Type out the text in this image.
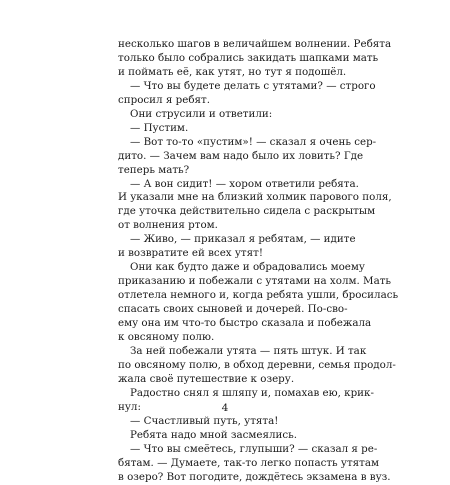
несколько шагов в величайшем волнении. Ребята
только было собрались закидать шапками мать
и поймать её, как утят, но тут я подошёл.

— Что вы будете делать с утятами? — строго
спросил я ребят.

Они струсили и ответили:

— Пустим.

— Вот то-то «пустим»! — сказал я очень сер-
дито. — Зачем вам надо было их ловить? Где
теперь мать?

— А вон сидит! — хором ответили ребята.
И указали мне на близкий холмик парового поля,
где уточка действительно сидела с раскрытым
от волнения ртом.

— Живо, — приказал я ребятам, — идите
и возвратите ей всех утят!

Они как будто даже и обрадовались моему
приказанию и побежали с утятами на холм. Мать
отлетела немного и, когда ребята ушли, бросилась
спасать своих сыновей и дочерей. По-сво-
ему она им что-то быстро сказала и побежала
к овсяному полю.

За ней побежали утята — пять штук. И так
по овсяному полю, в обход деревни, семья продол-
жала своё путешествие к озеру.

Радостно снял я шляпу и, помахав ею, крик-
нул:

— Счастливый путь, утята!

Ребята надо мной засмеялись.

— Что вы смеётесь, глупыши? — сказал я ре-
бятам. — Думаете, так-то легко попасть утятам
в озеро? Вот погодите, дождётесь экзамена в вуз.

4
